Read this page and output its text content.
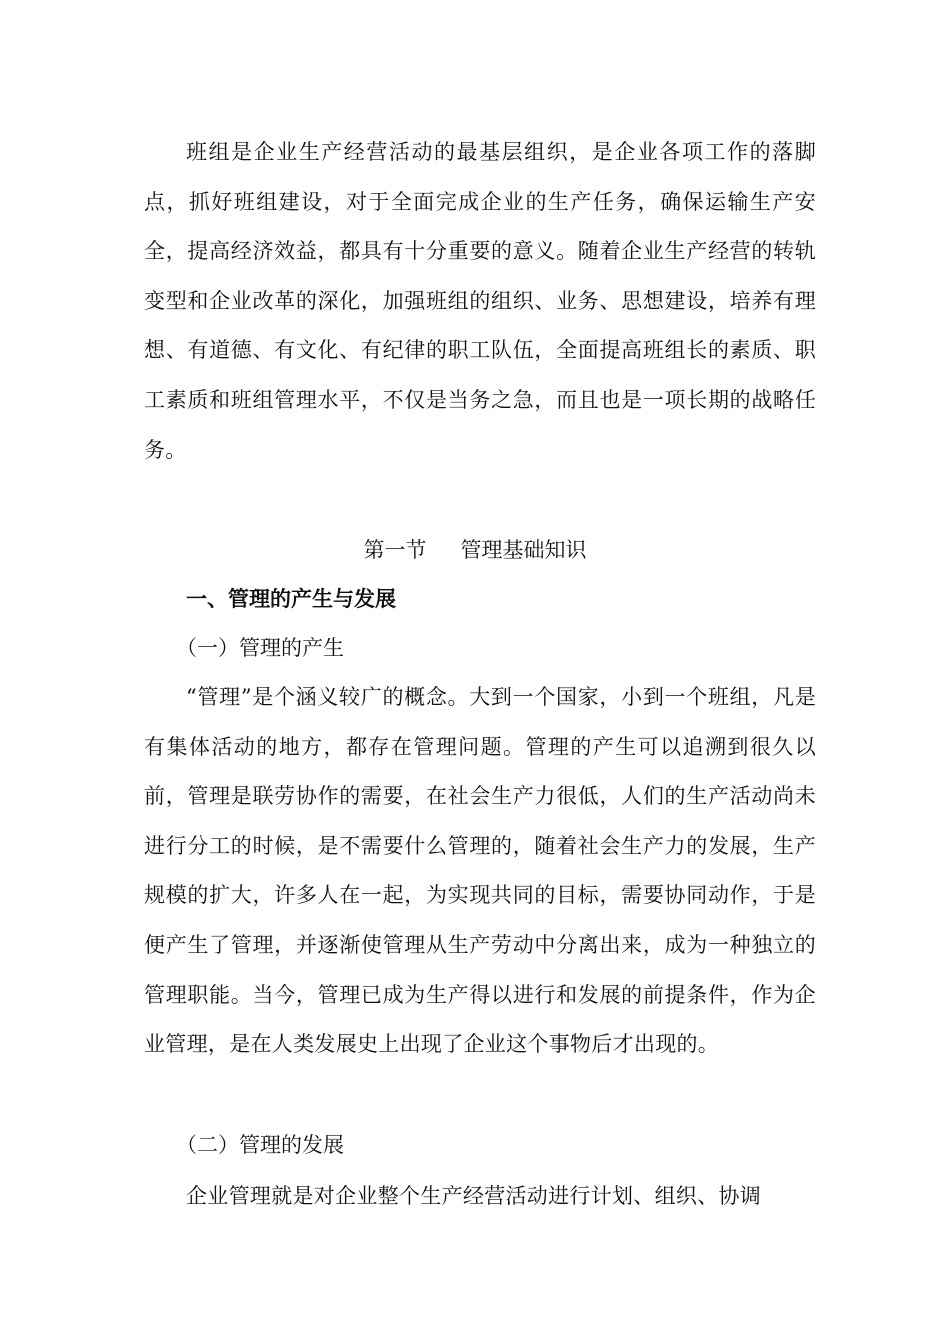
班组是企业生产经营活动的最基层组织，是企业各项工作的落脚点，抓好班组建设，对于全面完成企业的生产任务，确保运输生产安全，提高经济效益，都具有十分重要的意义。随着企业生产经营的转轨变型和企业改革的深化，加强班组的组织、业务、思想建设，培养有理想、有道德、有文化、有纪律的职工队伍，全面提高班组长的素质、职工素质和班组管理水平，不仅是当务之急，而且也是一项长期的战略任务。

第一节 管理基础知识
一、管理的产生与发展
（一）管理的产生

“管理”是个涵义较广的概念。大到一个国家，小到一个班组，凡是有集体活动的地方，都存在管理问题。管理的产生可以追溯到很久以前，管理是联劳协作的需要，在社会生产力很低，人们的生产活动尚未进行分工的时候，是不需要什么管理的，随着社会生产力的发展，生产规模的扩大，许多人在一起，为实现共同的目标，需要协同动作，于是便产生了管理，并逐渐使管理从生产劳动中分离出来，成为一种独立的管理职能。当今，管理已成为生产得以进行和发展的前提条件，作为企业管理，是在人类发展史上出现了企业这个事物后才出现的。

（二）管理的发展

企业管理就是对企业整个生产经营活动进行计划、组织、协调
